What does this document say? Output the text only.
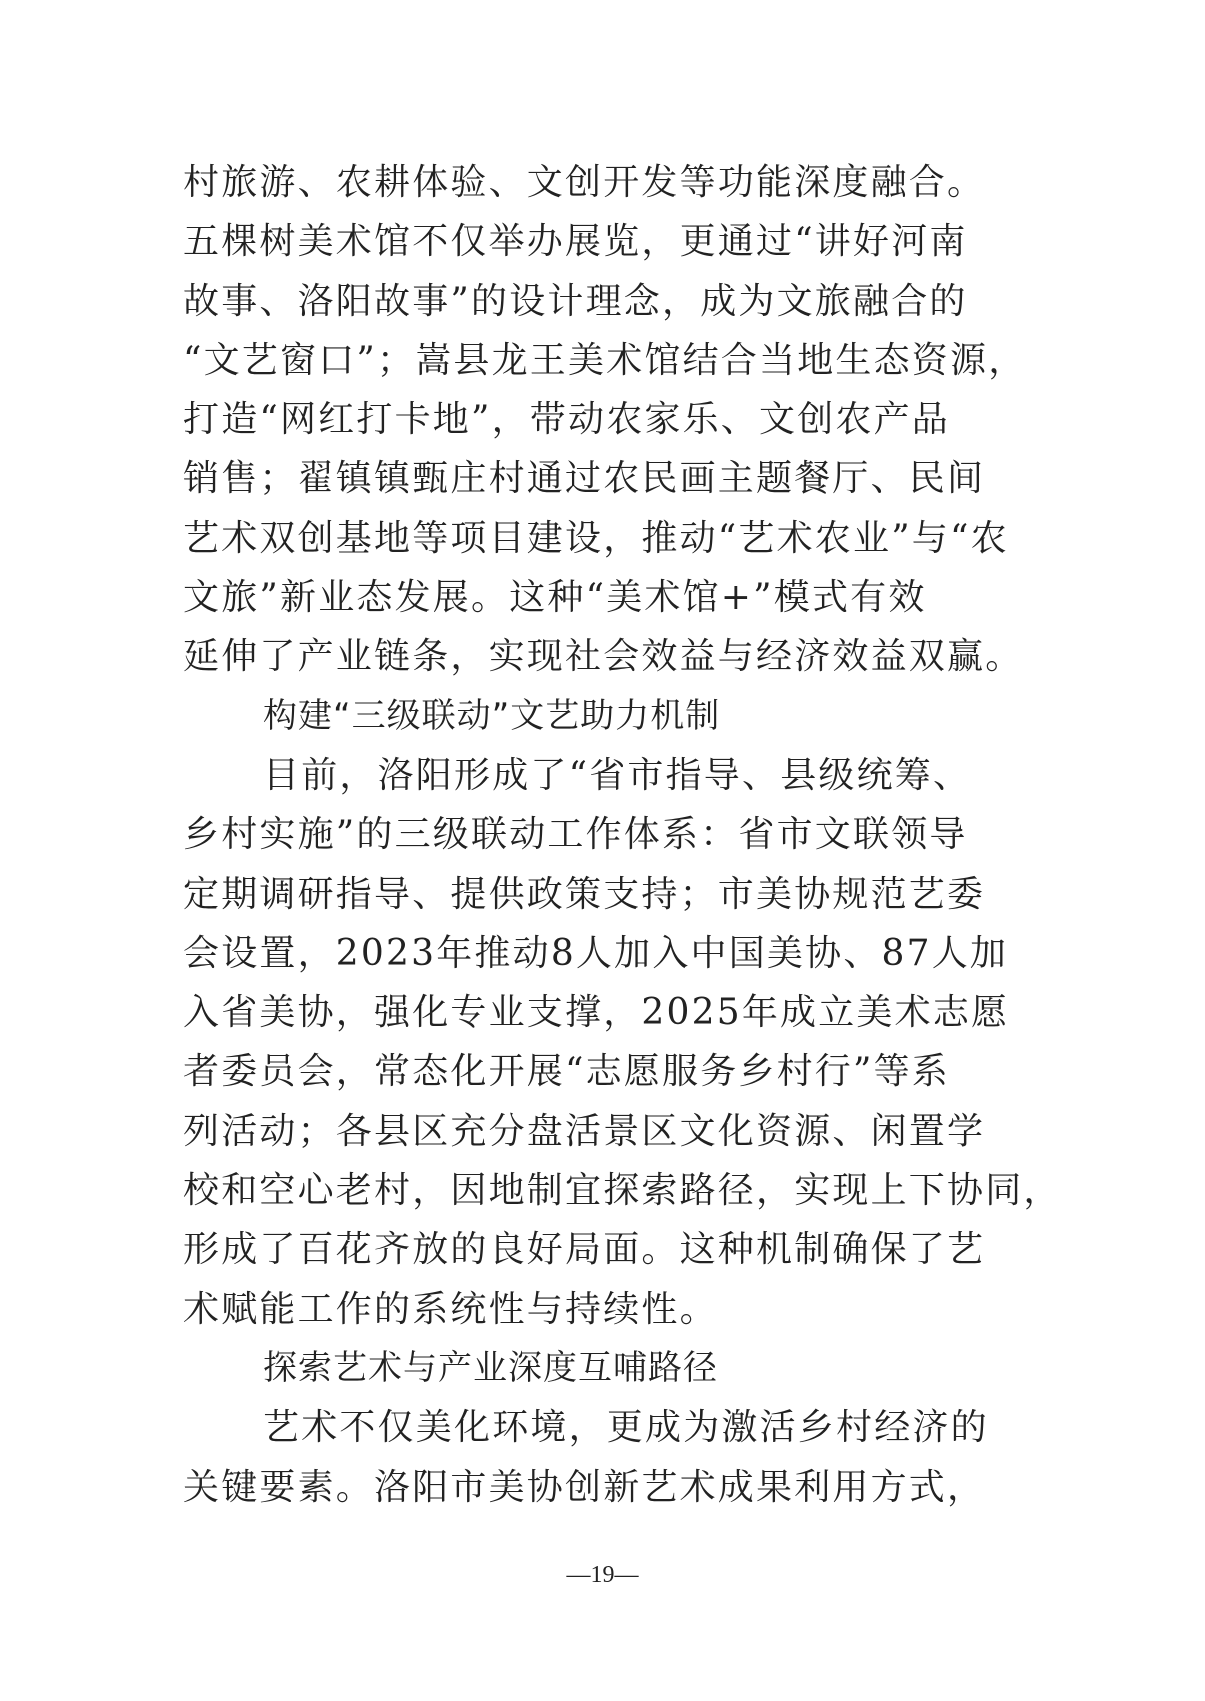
村旅游、农耕体验、文创开发等功能深度融合。
五棵树美术馆不仅举办展览，更通过“讲好河南
故事、洛阳故事”的设计理念，成为文旅融合的
“文艺窗口”；嵩县龙王美术馆结合当地生态资源，
打造“网红打卡地”，带动农家乐、文创农产品
销售；翟镇镇甄庄村通过农民画主题餐厅、民间
艺术双创基地等项目建设，推动“艺术农业”与“农
文旅”新业态发展。这种“美术馆+”模式有效
延伸了产业链条，实现社会效益与经济效益双赢。
构建“三级联动”文艺助力机制
目前，洛阳形成了“省市指导、县级统筹、
乡村实施”的三级联动工作体系：省市文联领导
定期调研指导、提供政策支持；市美协规范艺委
会设置，2023年推动8人加入中国美协、87人加
入省美协，强化专业支撑，2025年成立美术志愿
者委员会，常态化开展“志愿服务乡村行”等系
列活动；各县区充分盘活景区文化资源、闲置学
校和空心老村，因地制宜探索路径，实现上下协同，
形成了百花齐放的良好局面。这种机制确保了艺
术赋能工作的系统性与持续性。
探索艺术与产业深度互哺路径
艺术不仅美化环境，更成为激活乡村经济的
关键要素。洛阳市美协创新艺术成果利用方式，
—19—
